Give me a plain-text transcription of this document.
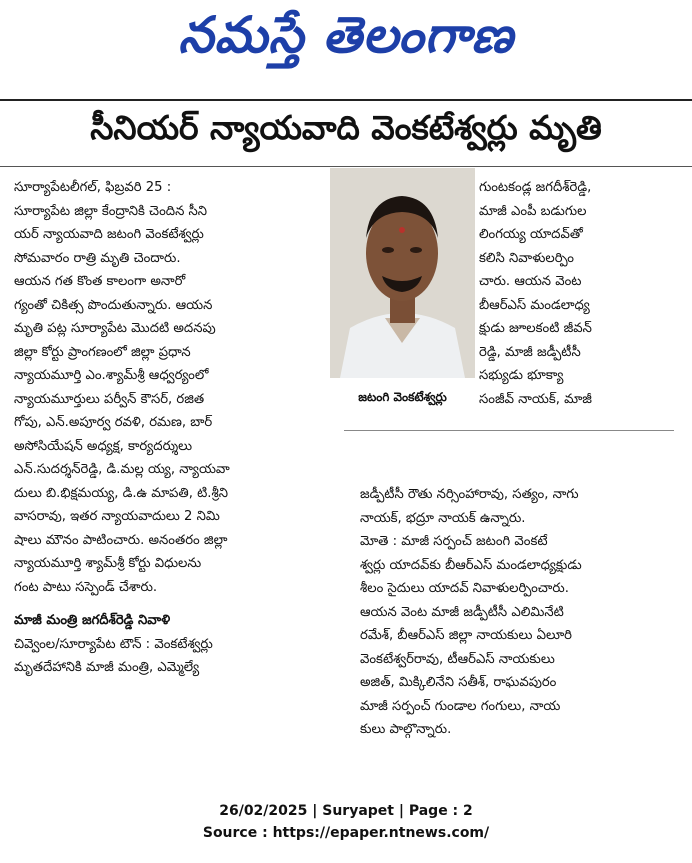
నమస్తే తెలంగాణ
సీనియర్ న్యాయవాది వెంకటేశ్వర్లు మృతి
సూర్యాపేటలీగల్, ఫిబ్రవరి 25 :
సూర్యాపేట జిల్లా కేంద్రానికి చెందిన సీని
యర్ న్యాయవాది జటంగి వెంకటేశ్వర్లు
సోమవారం రాత్రి మృతి చెందారు.
ఆయన గత కొంత కాలంగా అనారో
గ్యంతో చికిత్స పొందుతున్నారు. ఆయన
మృతి పట్ల సూర్యాపేట మొదటి అదనపు
జిల్లా కోర్టు ప్రాంగణంలో జిల్లా ప్రధాన
న్యాయమూర్తి ఎం.శ్యామ్‌శ్రీ ఆధ్వర్యంలో
న్యాయమూర్తులు పర్వీన్ కౌసర్, రజిత
గోపు, ఎన్.అపూర్వ రవళి, రమణ, బార్
అసోసియేషన్ అధ్యక్ష, కార్యదర్శులు
ఎన్.సుదర్శన్‌రెడ్డి, డి.మల్ల య్య, న్యాయవా
దులు బి.భిక్షమయ్య, డి.ఉ మాపతి, టి.శ్రీని
వాసరావు, ఇతర న్యాయవాదులు 2 నిమి
షాలు మౌనం పాటించారు. అనంతరం జిల్లా
న్యాయమూర్తి శ్యామ్‌శ్రీ కోర్టు విధులను
గంట పాటు సస్పెండ్ చేశారు.
మాజీ మంత్రి జగదీశ్‌రెడ్డి నివాళి
చివ్వెంల/సూర్యాపేట టౌన్ : వెంకటేశ్వర్లు
మృతదేహానికి మాజీ మంత్రి, ఎమ్మెల్యే
జటంగి వెంకటేశ్వర్లు
గుంటకండ్ల జగదీశ్‌రెడ్డి,
మాజీ ఎంపీ బడుగుల
లింగయ్య యాదవ్‌తో
కలిసి నివాళులర్పిం
చారు. ఆయన వెంట
బీఆర్ఎస్ మండలాధ్య
క్షుడు జూలకంటి జీవన్
రెడ్డి, మాజీ జడ్పీటీసీ
సభ్యుడు భూక్యా
సంజీవ్ నాయక్, మాజీ
జడ్పీటీసీ రౌతు నర్సింహారావు, సత్యం, నాగు
నాయక్, భద్రూ నాయక్ ఉన్నారు.
మోతె : మాజీ సర్పంచ్ జటంగి వెంకటే
శ్వర్లు యాదవ్‌కు బీఆర్ఎస్ మండలాధ్యక్షుడు
శీలం సైదులు యాదవ్ నివాళులర్పించారు.
ఆయన వెంట మాజీ జడ్పీటీసీ ఎలిమినేటి
రమేశ్, బీఆర్ఎస్ జిల్లా నాయకులు ఏలూరి
వెంకటేశ్వర్‌రావు, టీఆర్ఎస్ నాయకులు
అజిత్, మిక్కిలినేని సతీశ్, రాఘవపురం
మాజీ సర్పంచ్ గుండాల గంగులు, నాయ
కులు పాల్గొన్నారు.
26/02/2025 | Suryapet | Page : 2
Source : https://epaper.ntnews.com/
